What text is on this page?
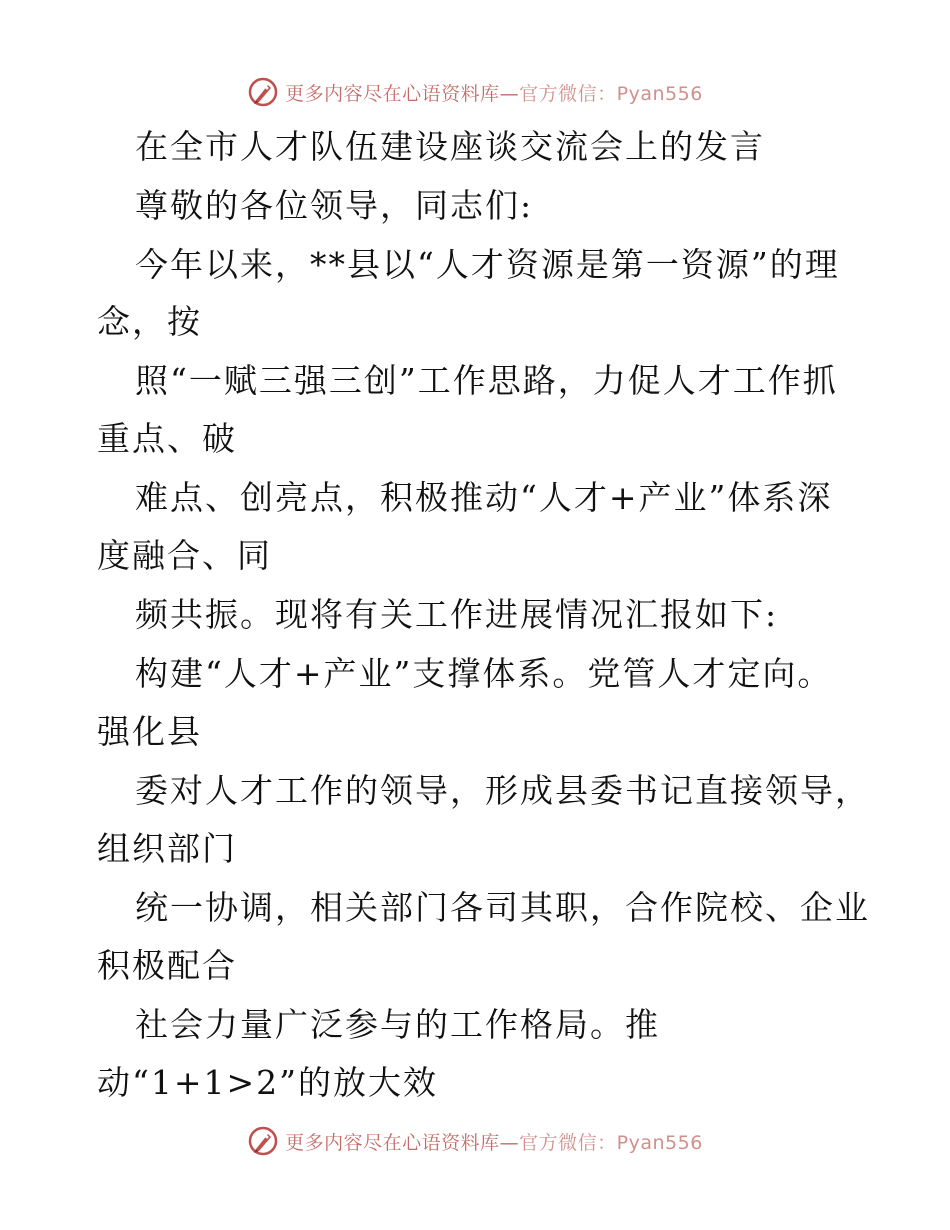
更多内容尽在心语资料库—官方微信：Pyan556
在全市人才队伍建设座谈交流会上的发言
尊敬的各位领导，同志们:
今年以来，**县以“人才资源是第一资源”的理
念，按
照“一赋三强三创”工作思路，力促人才工作抓
重点、破
难点、创亮点，积极推动“人才+产业”体系深
度融合、同
频共振。现将有关工作进展情况汇报如下:
构建“人才+产业”支撑体系。党管人才定向。
强化县
委对人才工作的领导，形成县委书记直接领导，
组织部门
统一协调，相关部门各司其职，合作院校、企业
积极配合
社会力量广泛参与的工作格局。推
动“1+1>2”的放大效
更多内容尽在心语资料库—官方微信：Pyan556
